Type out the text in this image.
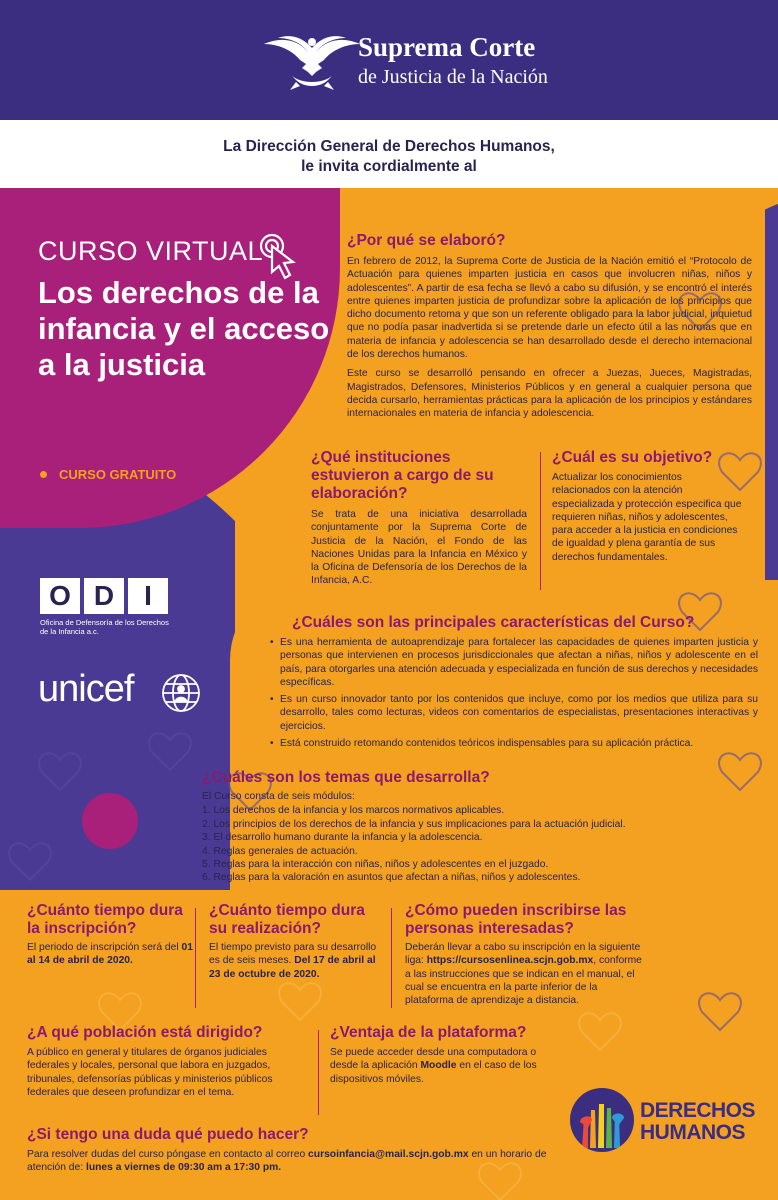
Suprema Corte
de Justicia de la Nación
La Dirección General de Derechos Humanos,
le invita cordialmente al
CURSO VIRTUAL
Los derechos de la infancia y el acceso a la justicia
CURSO GRATUITO
O D	I
Oficina de Defensoría de los Derechos de la Infancia a.c.
unicef
¿Por qué se elaboró?
En febrero de 2012, la Suprema Corte de Justicia de la Nación emitió el “Protocolo de Actuación para quienes imparten justicia en casos que involucren niñas, niños y adolescentes”. A partir de esa fecha se llevó a cabo su difusión, y se encontró el interés entre quienes imparten justicia de profundizar sobre la aplicación de los principios que dicho documento retoma y que son un referente obligado para la labor judicial, inquietud que no podía pasar inadvertida si se pretende darle un efecto útil a las normas que en materia de infancia y adolescencia se han desarrollado desde el derecho internacional de los derechos humanos.
Este curso se desarrolló pensando en ofrecer a Juezas, Jueces, Magistradas, Magistrados, Defensores, Ministerios Públicos y en general a cualquier persona que decida cursarlo, herramientas prácticas para la aplicación de los principios y estándares internacionales en materia de infancia y adolescencia.
¿Qué instituciones estuvieron a cargo de su elaboración?
Se trata de una iniciativa desarrollada conjuntamente por la Suprema Corte de Justicia de la Nación, el Fondo de las Naciones Unidas para la Infancia en México y la Oficina de Defensoría de los Derechos de la Infancia, A.C.
¿Cuál es su objetivo?
Actualizar los conocimientos relacionados con la atención especializada y protección especifica que requieren niñas, niños y adolescentes, para acceder a la justicia en condiciones de igualdad y plena garantía de sus derechos fundamentales.
¿Cuáles son las principales características del Curso?
• Es una herramienta de autoaprendizaje para fortalecer las capacidades de quienes imparten justicia y personas que intervienen en procesos jurisdiccionales que afectan a niñas, niños y adolescente en el país, para otorgarles una atención adecuada y especializada en función de sus derechos y necesidades específicas.
• Es un curso innovador tanto por los contenidos que incluye, como por los medios que utiliza para su desarrollo, tales como lecturas, videos con comentarios de especialistas, presentaciones interactivas y ejercicios.
• Está construido retomando contenidos teóricos indispensables para su aplicación práctica.
¿Cuáles son los temas que desarrolla?
El Curso consta de seis módulos:
1. Los derechos de la infancia y los marcos normativos aplicables.
2. Los principios de los derechos de la infancia y sus implicaciones para la actuación judicial.
3. El desarrollo humano durante la infancia y la adolescencia.
4. Reglas generales de actuación.
5. Reglas para la interacción con niñas, niños y adolescentes en el juzgado.
6. Reglas para la valoración en asuntos que afectan a niñas, niños y adolescentes.
¿Cuánto tiempo dura la inscripción?
El periodo de inscripción será del 01 al 14 de abril de 2020.
¿Cuánto tiempo dura su realización?
El tiempo previsto para su desarrollo es de seis meses. Del 17 de abril al 23 de octubre de 2020.
¿Cómo pueden inscribirse las personas interesadas?
Deberán llevar a cabo su inscripción en la siguiente liga: https://cursosenlinea.scjn.gob.mx, conforme a las instrucciones que se indican en el manual, el cual se encuentra en la parte inferior de la plataforma de aprendizaje a distancia.
¿A qué población está dirigido?
A público en general y titulares de órganos judiciales federales y locales, personal que labora en juzgados, tribunales, defensorías públicas y ministerios públicos federales que deseen profundizar en el tema.
¿Ventaja de la plataforma?
Se puede acceder desde una computadora o desde la aplicación Moodle en el caso de los dispositivos móviles.
¿Si tengo una duda qué puedo hacer?
Para resolver dudas del curso póngase en contacto al correo cursoinfancia@mail.scjn.gob.mx en un horario de atención de: lunes a viernes de 09:30 am a 17:30 pm.
DERECHOS
HUMANOS
